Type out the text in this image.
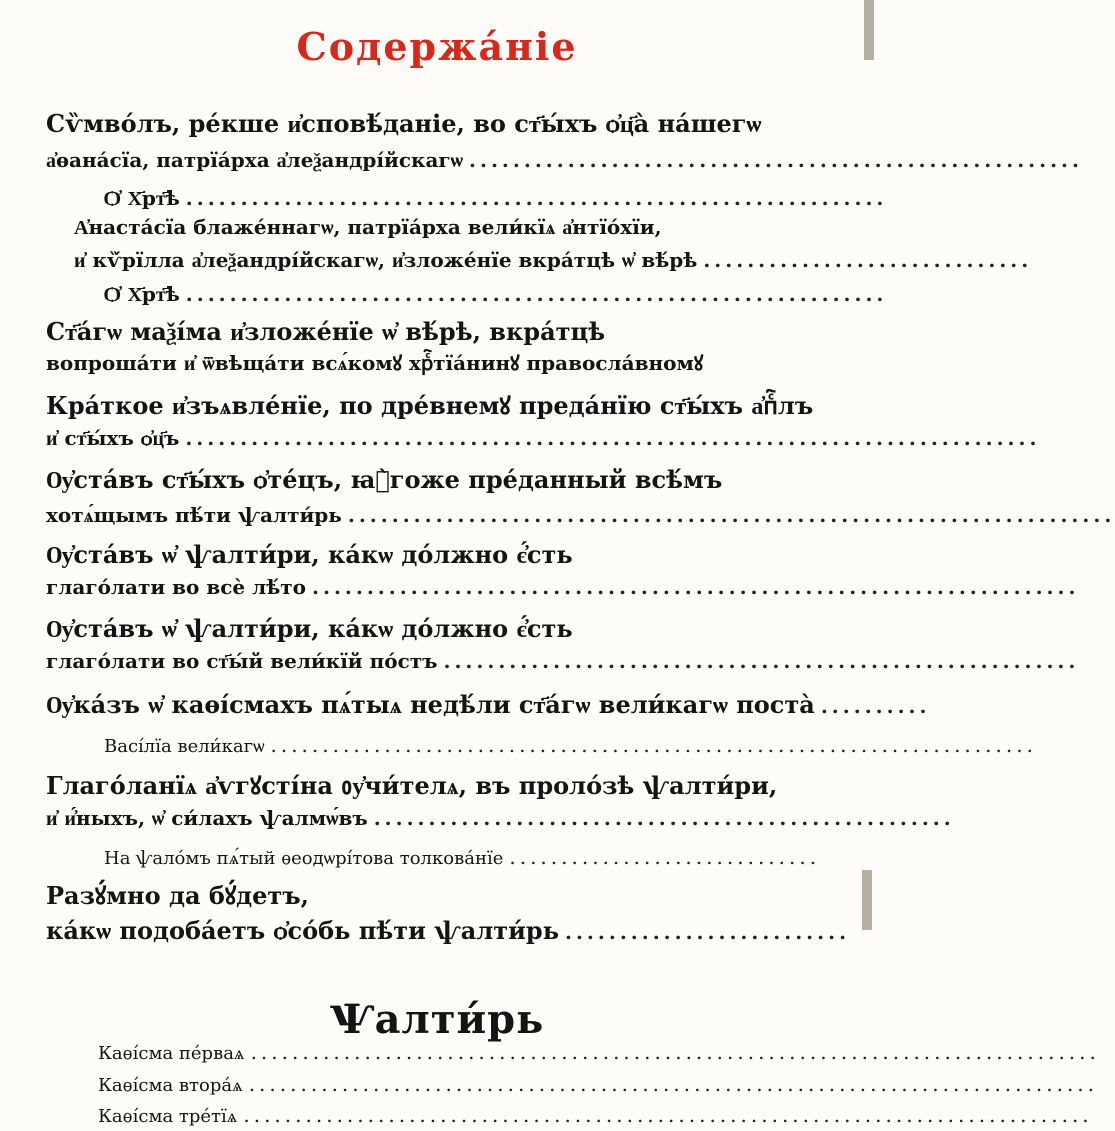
Содержа́ніе
Сѷмво́лъ, ре́кше и҆сповѣ́даніе, во ст҃ы́хъ ѻ҆ц҃а̀ на́шегѡ
а҆ѳана́сїа, патрїа́рха а҆леѯандрі́йскагѡ ........................................................
Ѻ҆ Х҃рт҃ѣ ................................................................
А҆наста́сїа блаже́ннагѡ, патрїа́рха вели́кїѧ а҆нтїо́хїи,
и҆ кѷ́рїлла а҆леѯандрі́йскагѡ, и҆зложе́нїе вкра́тцѣ ѡ҆ вѣ́рѣ ..............................
Ѻ҆ Х҃рт҃ѣ ................................................................
Ст҃а́гѡ маѯі́ма и҆зложе́нїе ѡ҆ вѣ́рѣ, вкра́тцѣ
вопроша́ти и҆ ѿвѣща́ти всѧ́комꙋ хрⷭ҇тїа́нинꙋ правосла́вномꙋ
Кра́ткое и҆зъѧвле́нїе, по дре́внемꙋ преда́нїю ст҃ы́хъ а҆пⷭ҇лъ
и҆ ст҃ы́хъ ѻ҆ц҃ъ ..............................................................................
Ѹ҆ста́въ ст҃ы́хъ ѻ҆те́цъ, ꙗ҆̀гоже пре́данный всѣ́мъ
хотѧ́щымъ пѣ́ти ѱалти́рь ......................................................................
Ѹ҆ста́въ ѡ҆ ѱалти́ри, ка́кѡ до́лжно є҆́сть
глаго́лати во всѐ лѣ́то ......................................................................
Ѹ҆ста́въ ѡ҆ ѱалти́ри, ка́кѡ до́лжно є҆́сть
глаго́лати во ст҃ы́й вели́кїй по́стъ ..........................................................
Ѹ҆ка́зъ ѡ҆ каѳі́смахъ пѧ́тыѧ недѣ́ли ст҃а́гѡ вели́кагѡ поста̀ ..........
Васі́лїа вели́кагѡ ..........................................................................
Глаго́ланїѧ а҆ѵгꙋсті́на ᲂу҆чи́телѧ, въ проло́зѣ ѱалти́ри,
и҆ и҆́ныхъ, ѡ҆ си́лахъ ѱалмѡ́въ .....................................................
На ѱало́мъ пѧ́тый ѳеодѡрі́това толкова́нїе ..............................
Разꙋ́мно да бꙋ́детъ,
ка́кѡ подоба́етъ ѻ҆со́бь пѣ́ти ѱалти́рь ..........................
Ѱалти́рь
Каѳі́сма пе́рваѧ ..................................................................................
Каѳі́сма втора́ѧ ..................................................................................
Каѳі́сма тре́тїѧ ..................................................................................
